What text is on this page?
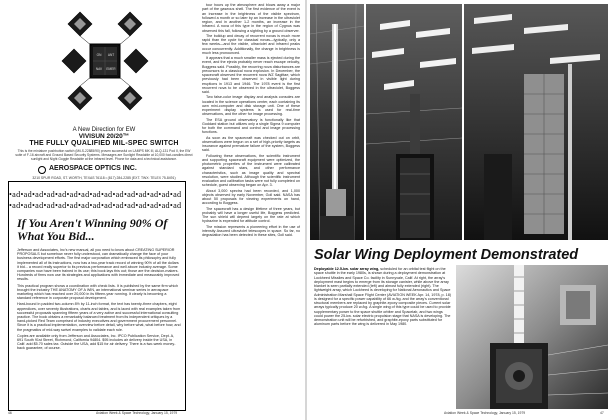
ON ANT
NAV EMER
A New Direction for EW
VIVISUN 20/20™
THE FULLY QUALIFIED MIL-SPEC SWITCH
This is the miniature pushbutton switch (Mil-S-22885/90) proven successful on LAMPS MK III, ALQ-131 Pod II, the EW suite of F-16 aircraft and Ground Based Security Systems. Messages are Sunlight Readable at 10,000 foot-candles direct sunlight and Night Goggle Readable at the infrared level. Phone for data and a technical assistance.
AEROSPACE OPTICS INC.
3210 SPUR ROAD, ST. WORTH, TEXAS 76118 • (817) 284-2285 (EXT. TWX: TELEX 75-8491)
•ad•ad•ad•ad•ad•ad•ad•ad•ad•ad•ad•ad•ad•ad•ad
•ad•ad•ad•ad•ad•ad•ad•ad•ad•ad•ad•ad•ad•ad•ad
If You Aren't Winning 90% Of What You Bid...

Jefferson and Associates, Inc's new manual, all you need to know about CREATING SUPERIOR PROPOSALS but somehow never fully understood, can dramatically change the face of your business development efforts. The first major corporation which embraced its philosophy and fully implemented all of its instructions, now has a two-year track record of winning 90% of all the dollars it bid... a record really superior to its previous performance and well above industry average. Some companies now have been trained in its use; this book lays this out; those are the decision-makers. Hundreds of firms now use its strategies and applications with immediate and measurably improved results.

This practical program shows a coordination with check lists. It is published by the same firm which brought the industry THE ANATOMY OF A WIN, an international seminar series in aerospace marketing which has reached over 20,000 in its fifteen-year running. It clearly is becoming a standard reference in corporate proposal development.

Hard-bound in padded two-column 8½ by 11-inch format, the text has twenty-three chapters, eight appendices, over seventy illustrations, charts and tables, and is laced with real examples taken from successful proposals spanning fifteen years of a very active and successful international consulting practice. The book obtains a remarkably balanced treatment from its independent critiques by a hand-picked Red Team comprised of industry executives and government procurement personnel. Since it is a practical implementation, overview before detail, why before what, what before how, and the pragmatics of mid-way swivel examples to validate each rule.

Copies are available only from Jefferson and Associates, Inc. IPCO Publication Service, Dept. A, 691 South 91st Street, Richmond, California 94804. $95 includes air delivery inside the USA, in Calif. add $5.70 sales tax. Outside the USA, add $15 for air delivery. There is a two-week money-back guarantee, of course.

tour hours up the atmosphere and blows away a major part of the gaseous shell. The first evidence of the event is an increase in the brightness of the visible spectrum, followed a month or so later by an increase in the ultraviolet region, and in another 1-2 months, an increase in the infrared. A nova of this type in the region of Cygnus was observed this fall, following a sighting by a ground observer.

The buildup and decay of recurrent novas is much more rapid than the cycle for classical novas—typically, only a few weeks—and the visible, ultraviolet and infrared peaks occur concurrently. Additionally, the change in brightness is much less pronounced.

It appears that a much smaller mass is ejected during the event, and the ejecta probably never reach escape velocity, Boggess said. Possibly, the recurring nova disturbances are precursors to a classical nova explosion. In December, the spacecraft observed the recurrent nova WZ Sagittae, which previously had been observed in visible light during eruptions in 1913 and 1946. The 1978 event is the first recurrent nova to be observed in the ultraviolet, Boggess said.

Two false-color image display and analysis consoles are located in the science operations center, each containing its own mini-computer and disk storage unit. One of these experiment display systems is used for real-time observations, and the other for image processing.

The ESA ground observatory is functionally like that Goddard station but utilizes only a single Sigma 9 computer for both the command and control and image processing functions.

As soon as the spacecraft was checked out on orbit, observations were begun on a set of high-priority targets as insurance against premature failure of the system, Boggess said.

Following these observations, the scientific instrument and supporting spacecraft equipment were optimized, the photometric properties of the instrument were calibrated against standard stars, and other performance characteristics, such as image quality and spectral resolution, were studied. Although the scientific instrument evaluation and calibration tasks were not fully completed on schedule, guest observing began on Apr. 3.

About 3,000 spectra had been recorded, and 1,000 objects observed by early November, Goll said. NASA has about 50 proposals for viewing experiments on hand, according to Boggess.

The spacecraft has a design lifetime of three years, but probably will have a longer useful life, Boggess predicted. The sun shield will depend largely on the rate at which hydrazine is expended for attitude control.

The mission represents a pioneering effort in the use of intensity Assured ultraviolet telescopes in space. So far, no degradation has been detected in these sites, Goll said.

46	Aviation Week & Space Technology, January 15, 1979
Solar Wing Deployment Demonstrated
Deployable 12.5-kw. solar array wing, scheduled for an orbital test flight on the space shuttle in the early 1980s, is shown during a deployment demonstration at Lockheed Missiles and Space Co. facility in Sunnyvale, Calif. At right, the array's deployment mast begins to emerge from its storage canister, while above the array blanket is seen partially extended (left) and almost fully extended (right). The lightweight array, which Lockheed is developing for National Aeronautics and Space Administration Marshall Space Flight Center (AVIATION WEEK Apr. 14, 1978, p. 18) is designed for a specific power capability of 66 w./kg. and the array's conventional structural members are replaced by graphite-epoxy composite pieces. Current solar arrays typically produce 20 w./kg. A single wing of this type could be used to provide supplementary power to the space shuttle orbiter and Spacelab, and two wings could power the 25-kw. solar electric propulsion stage that NASA is developing. The demonstration unit will be refurbished, and graphite-epoxy parts substituted for aluminum parts before the wing is delivered in May 1980.
Aviation Week & Space Technology, January 15, 1979	47
